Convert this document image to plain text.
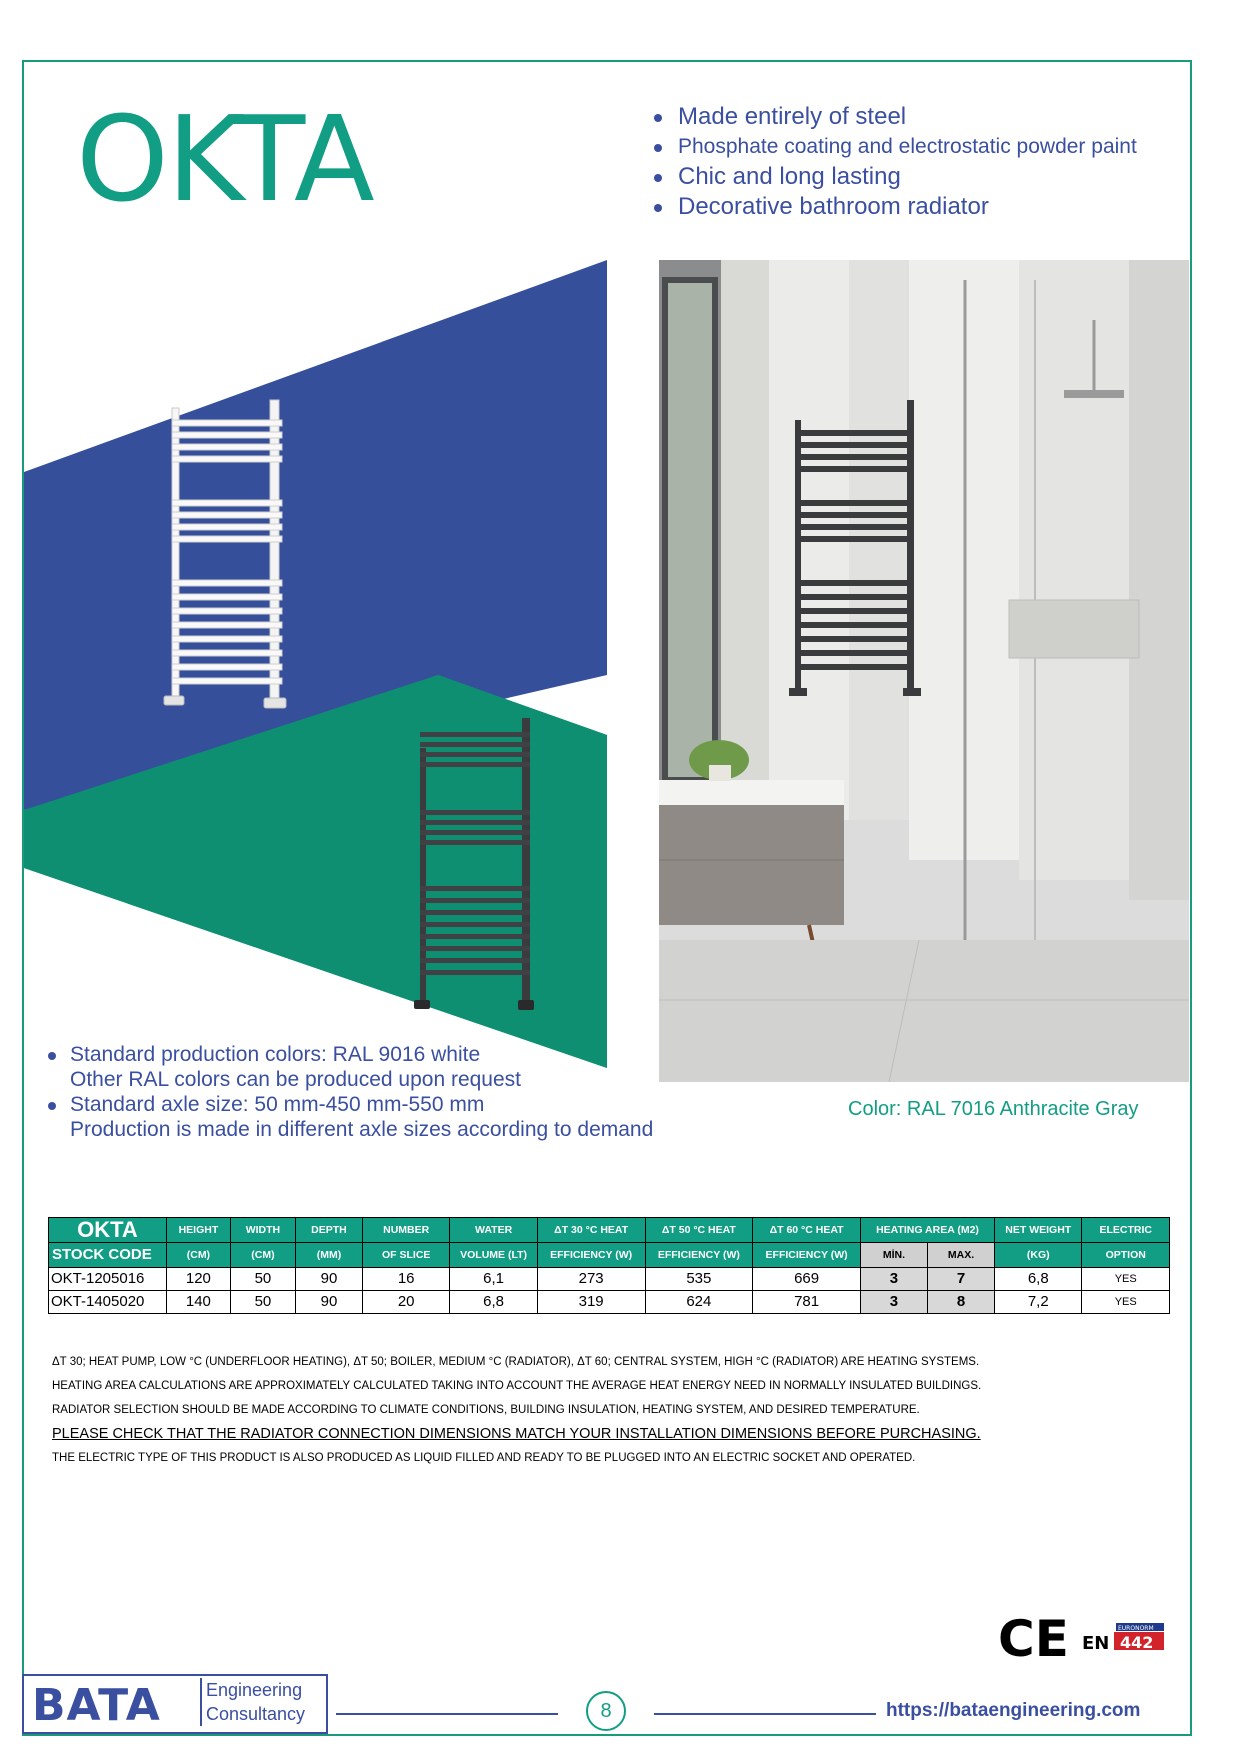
OKTA	Made entirely of steel
Phosphate coating and electrostatic powder paint
Chic and long lasting
Decorative bathroom radiator
Standard production colors: RAL 9016 white
Other RAL colors can be produced upon request
Standard axle size: 50 mm-450 mm-550 mm
Production is made in different axle sizes according to demand
Color: RAL 7016 Anthracite Gray
OKTA	HEIGHT	WIDTH	DEPTH	NUMBER	WATER	ΔT 30 °C HEAT	ΔT 50 °C HEAT	ΔT 60 °C HEAT	HEATING AREA (M2)		NET WEIGHT	ELECTRIC
STOCK CODE	(CM)	(CM)	(MM)	OF SLICE	VOLUME (LT)	EFFICIENCY (W)	EFFICIENCY (W)	EFFICIENCY (W)	MİN.	MAX.	(KG)	OPTION
OKT-1205016	120	50	90	16	6,1	273	535	669	3	7	6,8	YES
OKT-1405020	140	50	90	20	6,8	319	624	781	3	8	7,2	YES
ΔT 30; HEAT PUMP, LOW °C (UNDERFLOOR HEATING), ΔT 50; BOILER, MEDIUM °C (RADIATOR), ΔT 60; CENTRAL SYSTEM, HIGH °C (RADIATOR) ARE HEATING SYSTEMS.
HEATING AREA CALCULATIONS ARE APPROXIMATELY CALCULATED TAKING INTO ACCOUNT THE AVERAGE HEAT ENERGY NEED IN NORMALLY INSULATED BUILDINGS.
RADIATOR SELECTION SHOULD BE MADE ACCORDING TO CLIMATE CONDITIONS, BUILDING INSULATION, HEATING SYSTEM, AND DESIRED TEMPERATURE.
PLEASE CHECK THAT THE RADIATOR CONNECTION DIMENSIONS MATCH YOUR INSTALLATION DIMENSIONS BEFORE PURCHASING.
THE ELECTRIC TYPE OF THIS PRODUCT IS ALSO PRODUCED AS LIQUID FILLED AND READY TO BE PLUGGED INTO AN ELECTRIC SOCKET AND OPERATED.
CE	EURONORM
EN 442
BATA	Engineering
Consultancy	8	https://bataengineering.com
